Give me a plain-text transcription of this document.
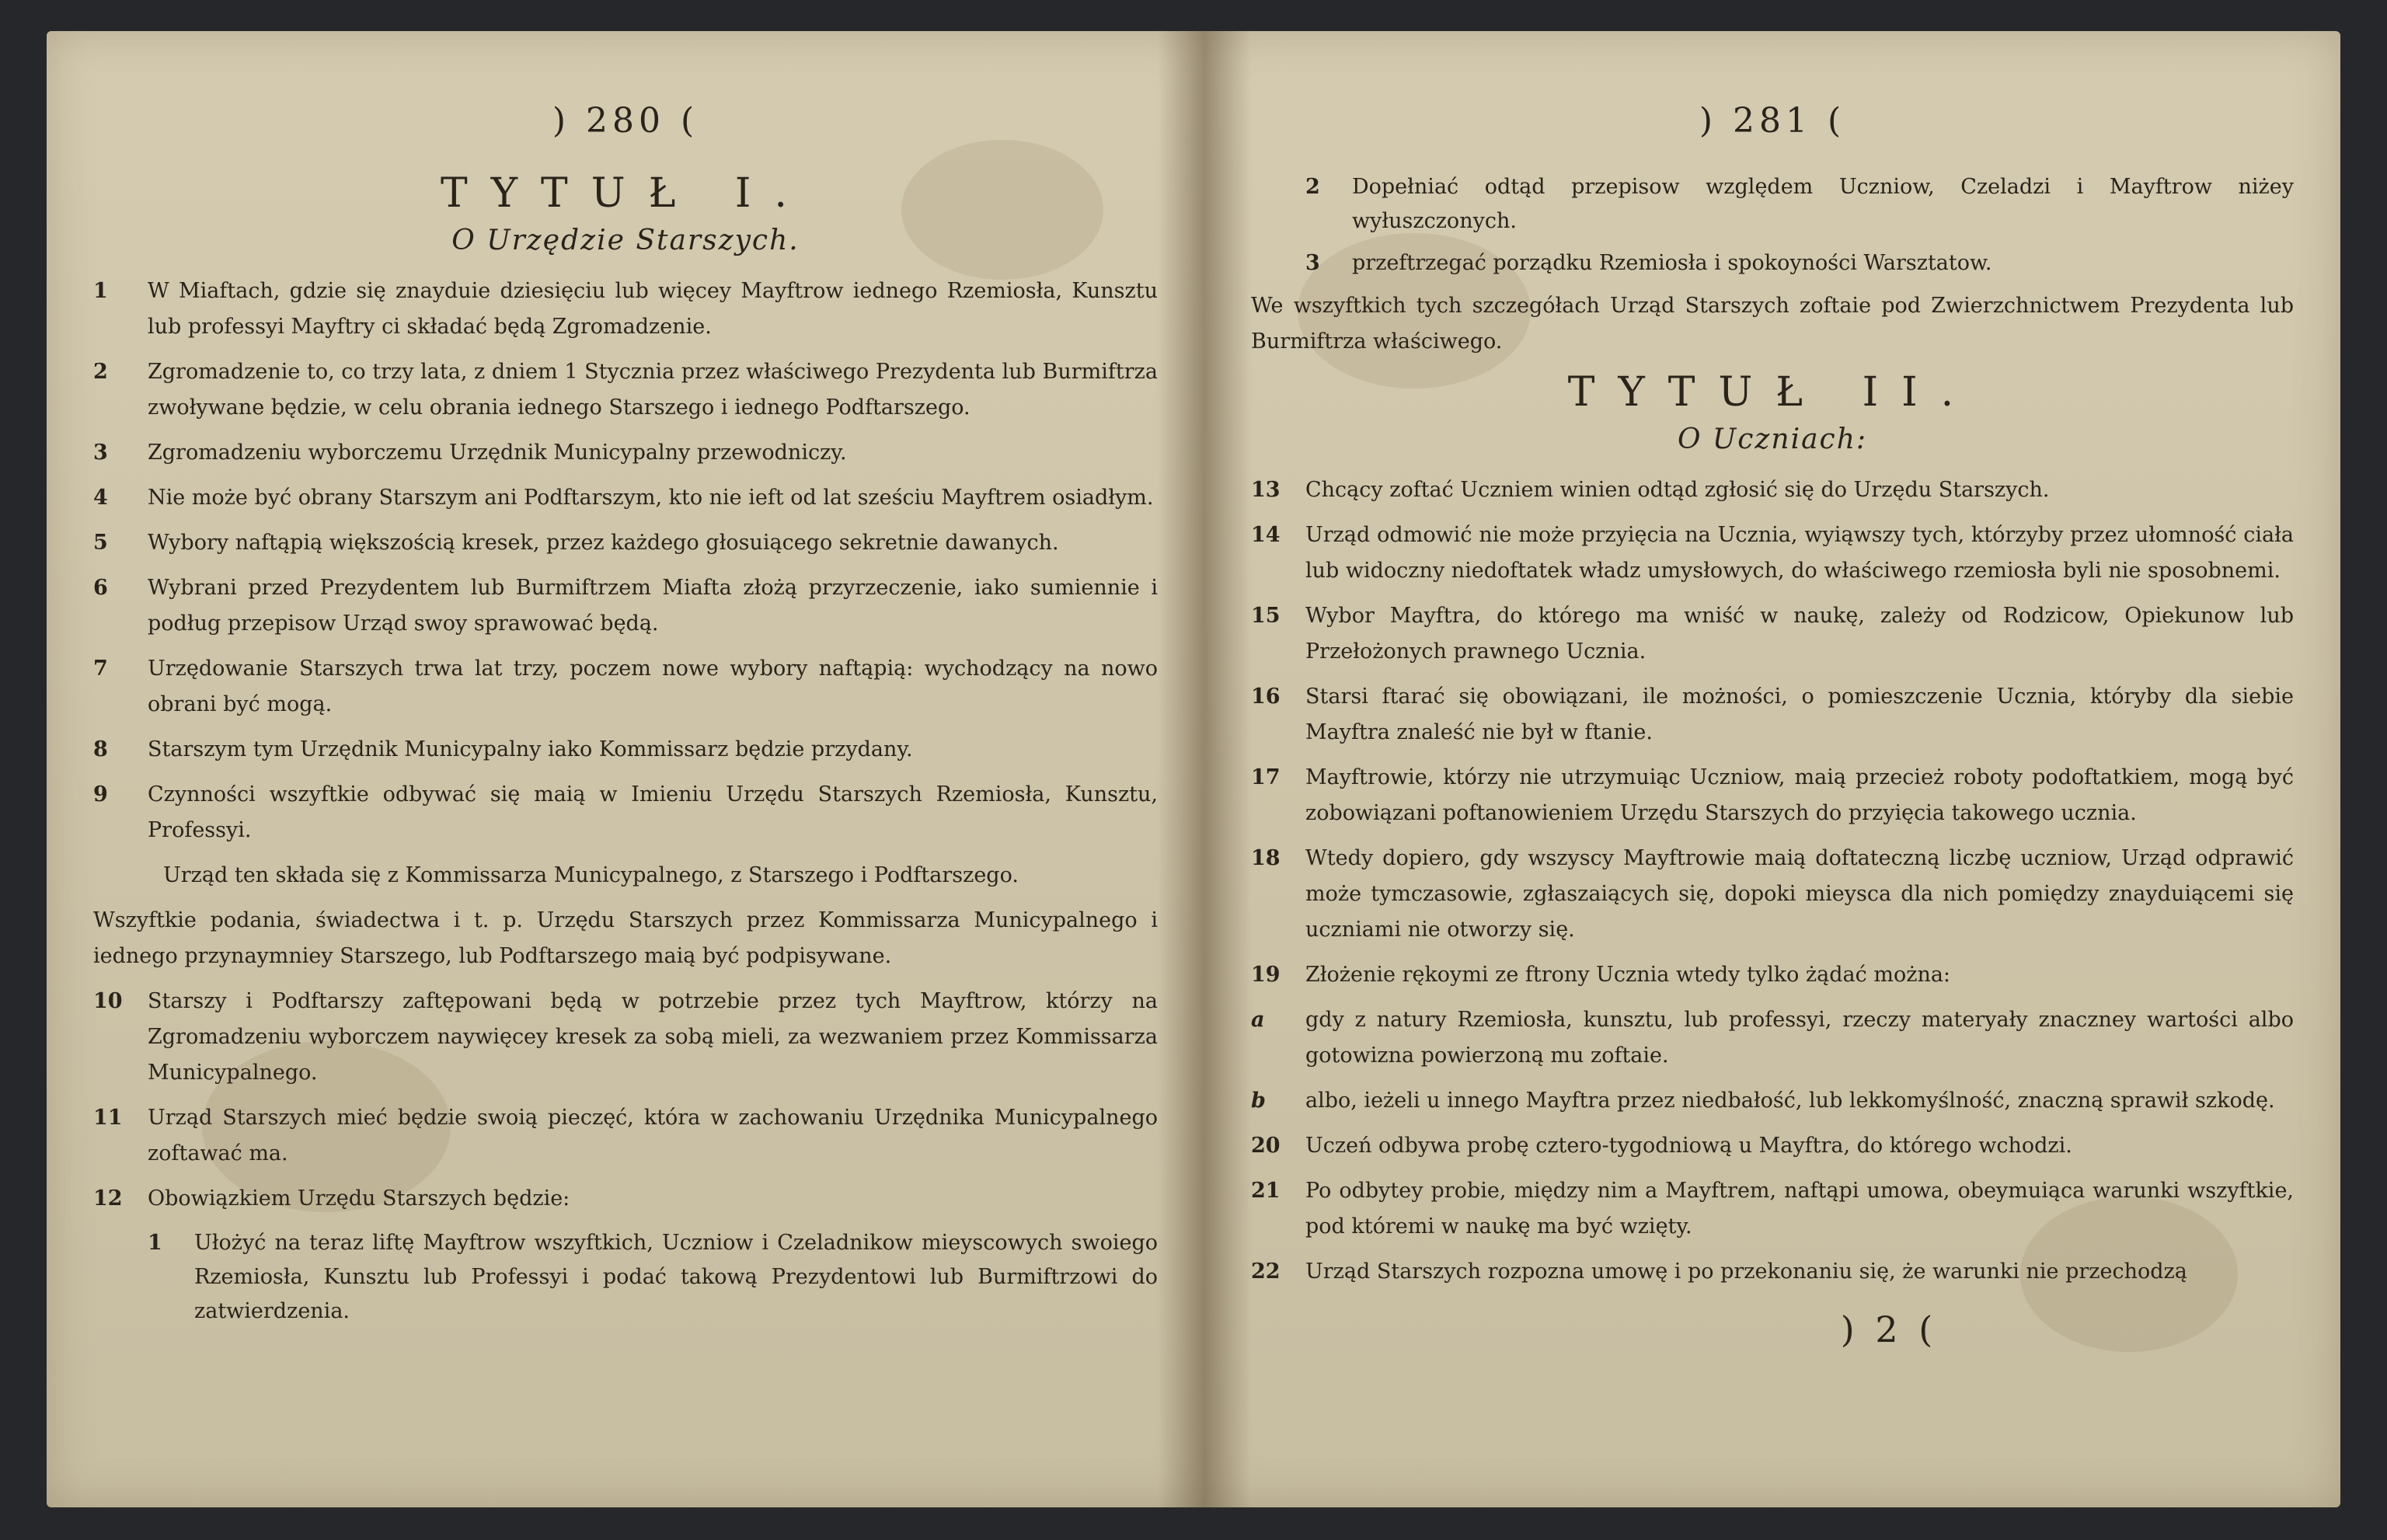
) 280 (
TYTUŁ I.
O Urzędzie Starszych.
1	W Miaftach, gdzie się znayduie dziesięciu lub więcey Mayftrow iednego Rzemiosła, Kunsztu lub professyi Mayftry ci składać będą Zgromadzenie.
2	Zgromadzenie to, co trzy lata, z dniem 1 Stycznia przez właściwego Prezydenta lub Burmiftrza zwoływane będzie, w celu obrania iednego Starszego i iednego Podftarszego.
3	Zgromadzeniu wyborczemu Urzędnik Municypalny przewodniczy.
4	Nie może być obrany Starszym ani Podftarszym, kto nie ieft od lat sześciu Mayftrem osiadłym.
5	Wybory naftąpią większością kresek, przez każdego głosuiącego sekretnie dawanych.
6	Wybrani przed Prezydentem lub Burmiftrzem Miafta złożą przyrzeczenie, iako sumiennie i podług przepisow Urząd swoy sprawować będą.
7	Urzędowanie Starszych trwa lat trzy, poczem nowe wybory naftąpią: wychodzący na nowo obrani być mogą.
8	Starszym tym Urzędnik Municypalny iako Kommissarz będzie przydany.
9	Czynności wszyftkie odbywać się maią w Imieniu Urzędu Starszych Rzemiosła, Kunsztu, Professyi.
Urząd ten składa się z Kommissarza Municypalnego, z Starszego i Podftarszego.
Wszyftkie podania, świadectwa i t. p. Urzędu Starszych przez Kommissarza Municypalnego i iednego przynaymniey Starszego, lub Podftarszego maią być podpisywane.
10	Starszy i Podftarszy zaftępowani będą w potrzebie przez tych Mayftrow, którzy na Zgromadzeniu wyborczem naywięcey kresek za sobą mieli, za wezwaniem przez Kommissarza Municypalnego.
11	Urząd Starszych mieć będzie swoią pieczęć, która w zachowaniu Urzędnika Municypalnego zoftawać ma.
12	Obowiązkiem Urzędu Starszych będzie:
1	Ułożyć na teraz liftę Mayftrow wszyftkich, Uczniow i Czeladnikow mieyscowych swoiego Rzemiosła, Kunsztu lub Professyi i podać takową Prezydentowi lub Burmiftrzowi do zatwierdzenia.
) 281 (
2	Dopełniać odtąd przepisow względem Uczniow, Czeladzi i Mayftrow niżey wyłuszczonych.
3	przeftrzegać porządku Rzemiosła i spokoyności Warsztatow.
We wszyftkich tych szczegółach Urząd Starszych zoftaie pod Zwierzchnictwem Prezydenta lub Burmiftrza właściwego.
TYTUŁ II.
O Uczniach:
13	Chcący zoftać Uczniem winien odtąd zgłosić się do Urzędu Starszych.
14	Urząd odmowić nie może przyięcia na Ucznia, wyiąwszy tych, którzyby przez ułomność ciała lub widoczny niedoftatek władz umysłowych, do właściwego rzemiosła byli nie sposobnemi.
15	Wybor Mayftra, do którego ma wniść w naukę, zależy od Rodzicow, Opiekunow lub Przełożonych prawnego Ucznia.
16	Starsi ftarać się obowiązani, ile możności, o pomieszczenie Ucznia, któryby dla siebie Mayftra znaleść nie był w ftanie.
17	Mayftrowie, którzy nie utrzymuiąc Uczniow, maią przecież roboty podoftatkiem, mogą być zobowiązani poftanowieniem Urzędu Starszych do przyięcia takowego ucznia.
18	Wtedy dopiero, gdy wszyscy Mayftrowie maią doftateczną liczbę uczniow, Urząd odprawić może tymczasowie, zgłaszaiących się, dopoki mieysca dla nich pomiędzy znayduiącemi się uczniami nie otworzy się.
19	Złożenie rękoymi ze ftrony Ucznia wtedy tylko żądać można:
a	gdy z natury Rzemiosła, kunsztu, lub professyi, rzeczy materyały znaczney wartości albo gotowizna powierzoną mu zoftaie.
b	albo, ieżeli u innego Mayftra przez niedbałość, lub lekkomyślność, znaczną sprawił szkodę.
20	Uczeń odbywa probę cztero-tygodniową u Mayftra, do którego wchodzi.
21	Po odbytey probie, między nim a Mayftrem, naftąpi umowa, obeymuiąca warunki wszyftkie, pod któremi w naukę ma być wzięty.
22	Urząd Starszych rozpozna umowę i po przekonaniu się, że warunki nie przechodzą
) 2 (
